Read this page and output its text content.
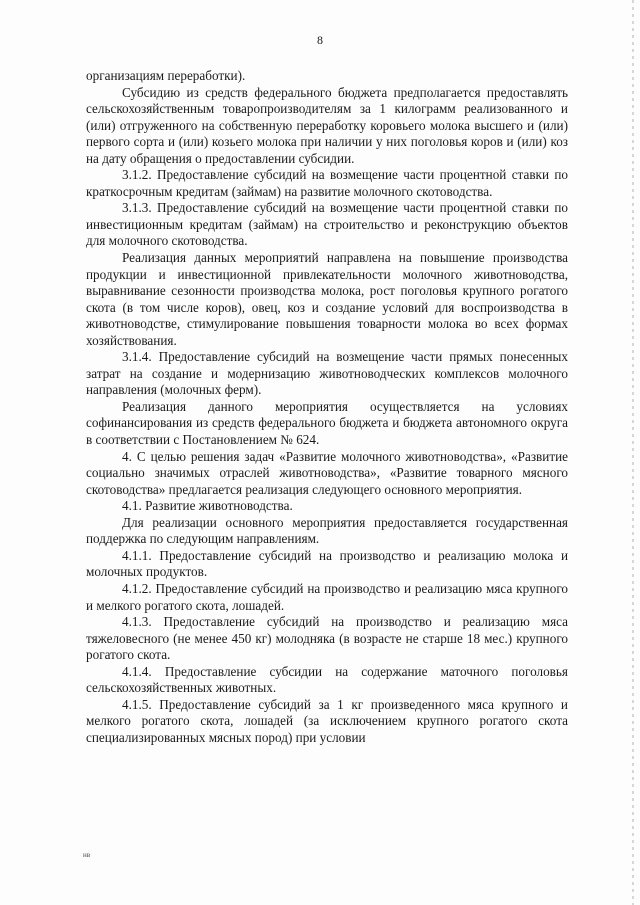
8

организациям переработки).

Субсидию из средств федерального бюджета предполагается предоставлять сельскохозяйственным товаропроизводителям за 1 килограмм реализованного и (или) отгруженного на собственную переработку коровьего молока высшего и (или) первого сорта и (или) козьего молока при наличии у них поголовья коров и (или) коз на дату обращения о предоставлении субсидии.

3.1.2. Предоставление субсидий на возмещение части процентной ставки по краткосрочным кредитам (займам) на развитие молочного скотоводства.

3.1.3. Предоставление субсидий на возмещение части процентной ставки по инвестиционным кредитам (займам) на строительство и реконструкцию объектов для молочного скотоводства.

Реализация данных мероприятий направлена на повышение производства продукции и инвестиционной привлекательности молочного животноводства, выравнивание сезонности производства молока, рост поголовья крупного рогатого скота (в том числе коров), овец, коз и создание условий для воспроизводства в животноводстве, стимулирование повышения товарности молока во всех формах хозяйствования.

3.1.4. Предоставление субсидий на возмещение части прямых понесенных затрат на создание и модернизацию животноводческих комплексов молочного направления (молочных ферм).

Реализация данного мероприятия осуществляется на условиях софинансирования из средств федерального бюджета и бюджета автономного округа в соответствии с Постановлением № 624.

4. С целью решения задач «Развитие молочного животноводства», «Развитие социально значимых отраслей животноводства», «Развитие товарного мясного скотоводства» предлагается реализация следующего основного мероприятия.

4.1. Развитие животноводства.

Для реализации основного мероприятия предоставляется государственная поддержка по следующим направлениям.

4.1.1. Предоставление субсидий на производство и реализацию молока и молочных продуктов.

4.1.2. Предоставление субсидий на производство и реализацию мяса крупного и мелкого рогатого скота, лошадей.

4.1.3. Предоставление субсидий на производство и реализацию мяса тяжеловесного (не менее 450 кг) молодняка (в возрасте не старше 18 мес.) крупного рогатого скота.

4.1.4. Предоставление субсидии на содержание маточного поголовья сельскохозяйственных животных.

4.1.5. Предоставление субсидий за 1 кг произведенного мяса крупного и мелкого рогатого скота, лошадей (за исключением крупного рогатого скота специализированных мясных пород) при условии

нв
